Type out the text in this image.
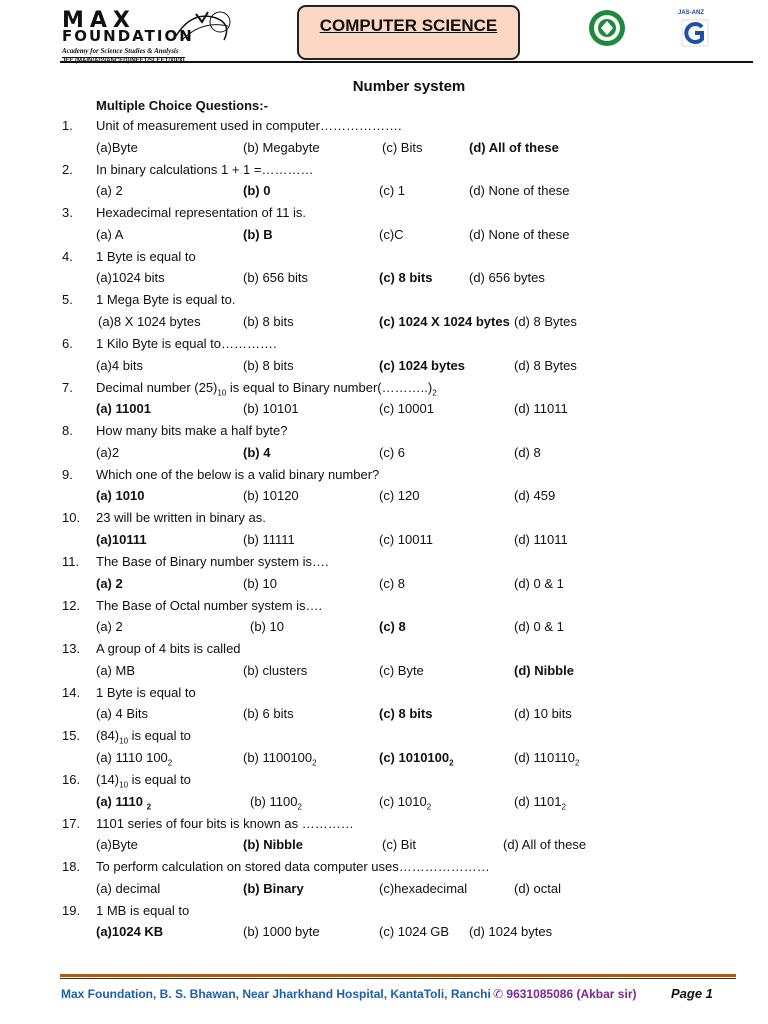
MAX
FOUNDATION
Academy for Science Studies & Analysis
COMPUTER SCIENCE
JAS-ANZ
Number system
Multiple Choice Questions:-
1. Unit of measurement used in computer……………….
(a)Byte	(b) Megabyte	(c) Bits	(d) All of these
2. In binary calculations 1 + 1 =…………
(a) 2	(b) 0	(c) 1	(d) None of these
3. Hexadecimal representation of 11 is.
(a) A	(b) B	(c)C	(d) None of these
4. 1 Byte is equal to
(a)1024 bits	(b) 656 bits	(c) 8 bits	(d) 656 bytes
5. 1 Mega Byte is equal to.
(a)8 X 1024 bytes	(b) 8 bits	(c) 1024 X 1024 bytes (d) 8 Bytes
6. 1 Kilo Byte is equal to………….
(a)4 bits	(b) 8 bits	(c) 1024 bytes	(d) 8 Bytes
7. Decimal number $(25)_{10}$ is equal to Binary $number(\dots\dots\dots..)_2$
(a) 11001	(b) 10101	(c) 10001	(d) 11011
8. How many bits make a half byte?
(a)2	(b) 4	(c) 6	(d) 8
9. Which one of the below is a valid binary number?
(a) 1010	(b) 10120	(c) 120	(d) 459
10. 23 will be written in binary as.
(a)10111	(b) 11111	(c) 10011	(d) 11011
11. The Base of Binary number system is….
(a) 2	(b) 10	(c) 8	(d) 0 & 1
12. The Base of Octal number system is….
(a) 2	(b) 10	(c) 8	(d) 0 & 1
13. A group of 4 bits is called
(a) MB	(b) clusters	(c) Byte	(d) Nibble
14. 1 Byte is equal to
(a) 4 Bits	(b) 6 bits	(c) 8 bits	(d) 10 bits
15. $(84)_{10}$ is equal to
(a) 1110 $100_2$	(b) $1100100_2$	(c) $1010100_2$	(d) $110110_2$
16. $(14)_{10}$ is equal to
(a) 1110 $_2$	(b) $1100_2$	(c) $1010_2$	(d) $1101_2$
17. 1101 series of four bits is known as …………
(a)Byte	(b) Nibble	(c) Bit	(d) All of these
18. To perform calculation on stored data computer uses…………………
(a) decimal	(b) Binary	(c)hexadecimal	(d) octal
19. 1 MB is equal to
(a)1024 KB	(b) 1000 byte	(c) 1024 GB (d) 1024 bytes
Max Foundation, B. S. Bhawan, Near Jharkhand Hospital, KantaToli, Ranchi ✆ 9631085086 (Akbar sir)	Page 1
